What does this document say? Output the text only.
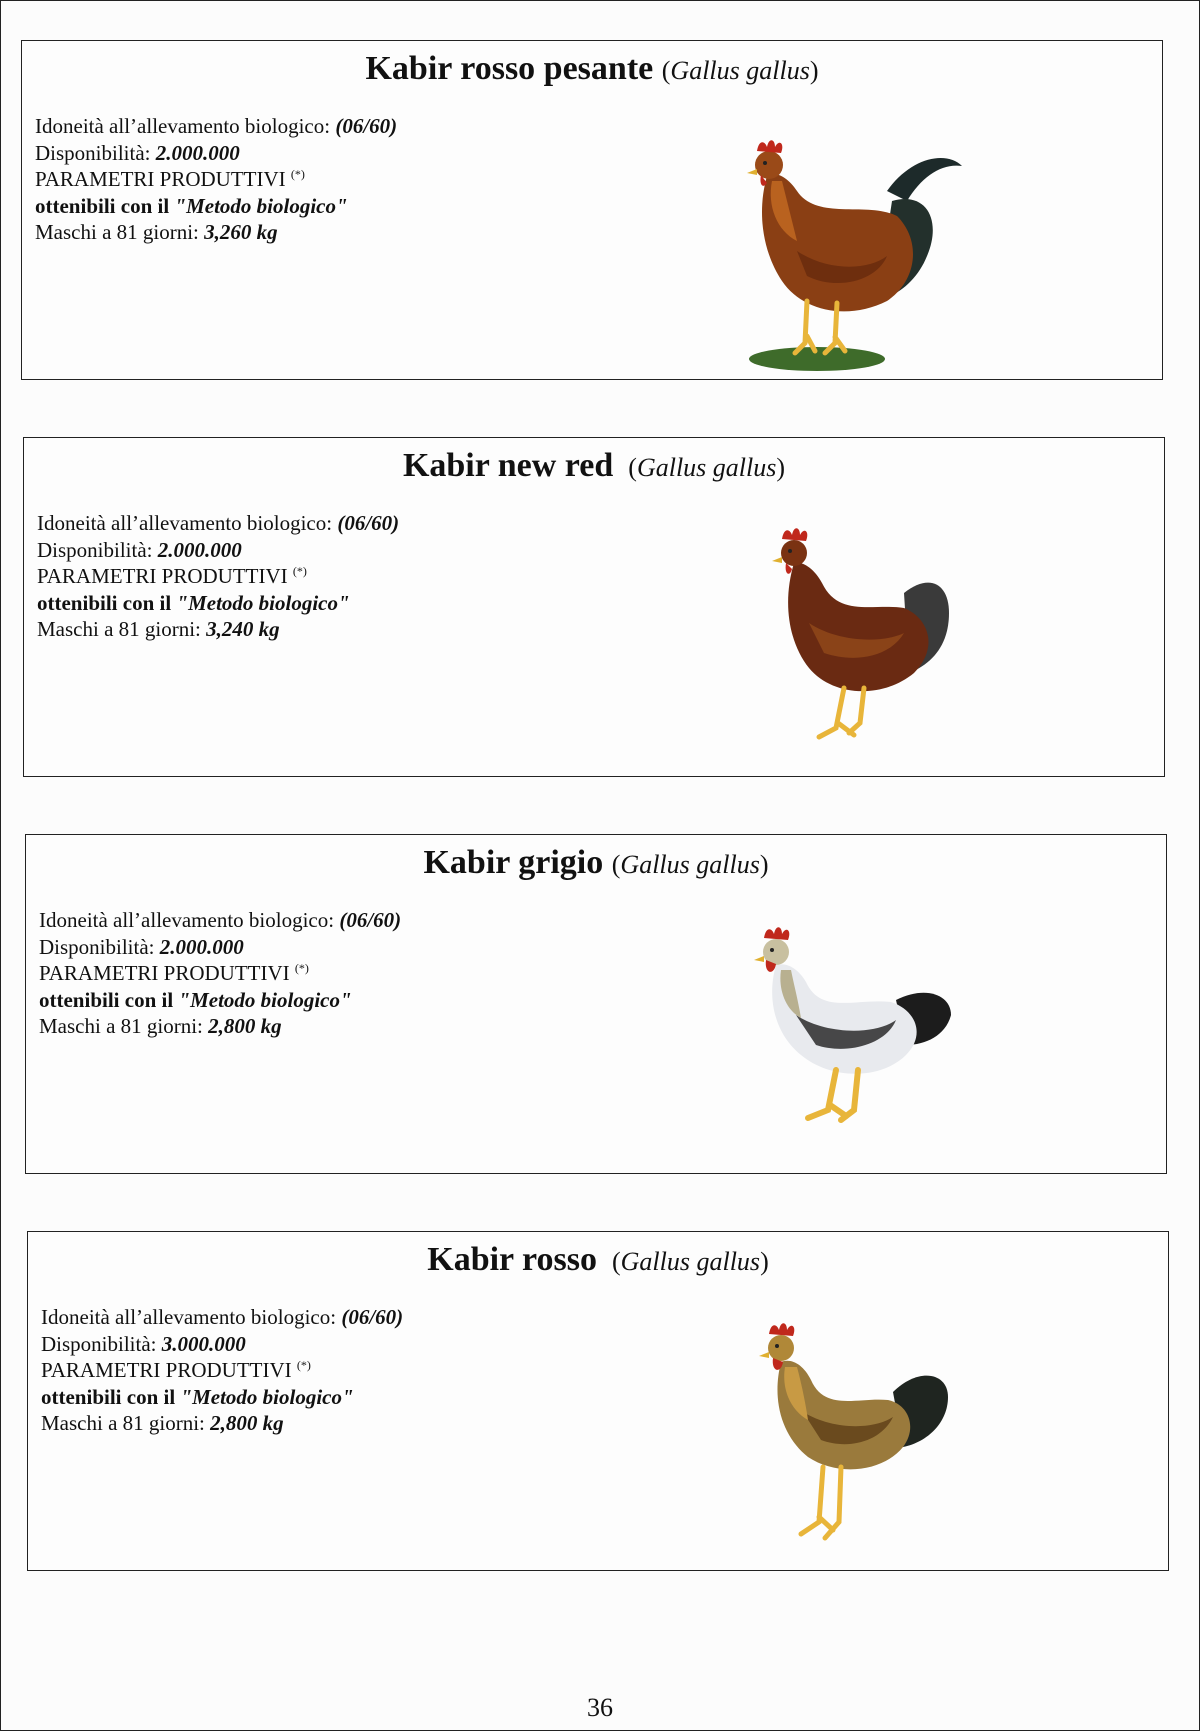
Kabir rosso pesante (Gallus gallus)
Idoneità all’allevamento biologico: (06/60)
Disponibilità: 2.000.000
PARAMETRI PRODUTTIVI (*)
ottenibili con il "Metodo biologico"
Maschi a 81 giorni: 3,260 kg
Kabir new red  (Gallus gallus)
Idoneità all’allevamento biologico: (06/60)
Disponibilità: 2.000.000
PARAMETRI PRODUTTIVI (*)
ottenibili con il "Metodo biologico"
Maschi a 81 giorni: 3,240 kg
Kabir grigio (Gallus gallus)
Idoneità all’allevamento biologico: (06/60)
Disponibilità: 2.000.000
PARAMETRI PRODUTTIVI (*)
ottenibili con il "Metodo biologico"
Maschi a 81 giorni: 2,800 kg
Kabir rosso  (Gallus gallus)
Idoneità all’allevamento biologico: (06/60)
Disponibilità: 3.000.000
PARAMETRI PRODUTTIVI (*)
ottenibili con il "Metodo biologico"
Maschi a 81 giorni: 2,800 kg
36
